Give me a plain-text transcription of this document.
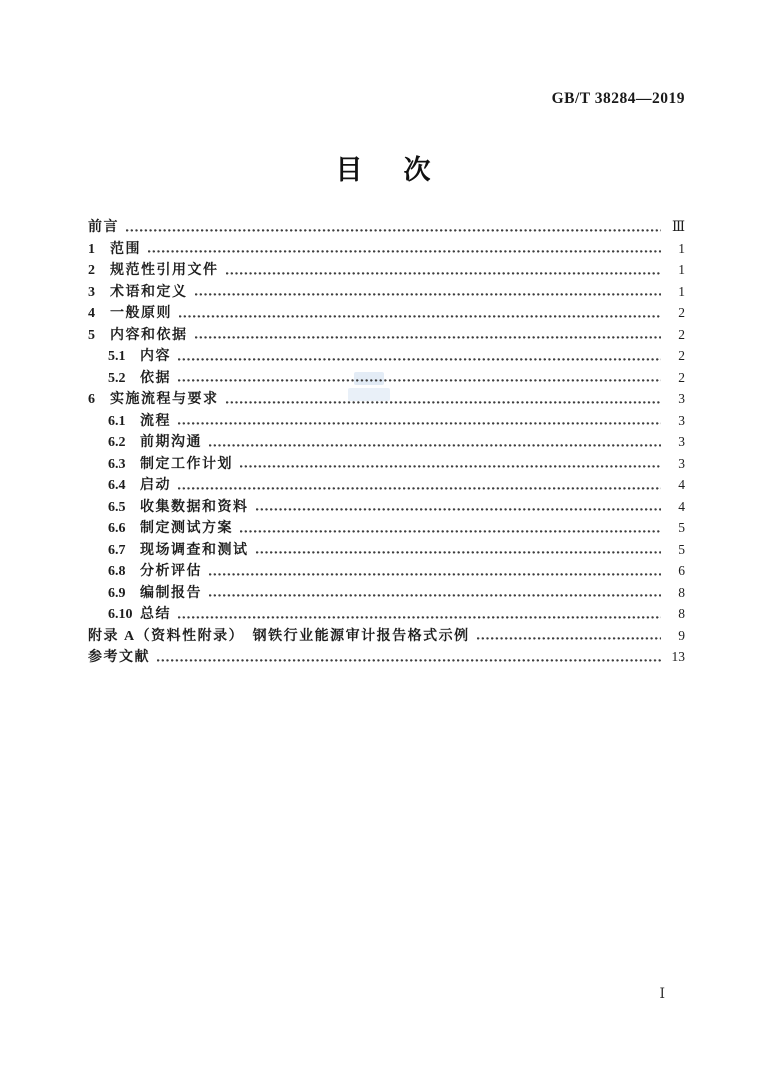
GB/T 38284—2019
目　次
前言	Ⅲ
1	范围	1
2	规范性引用文件	1
3	术语和定义	1
4	一般原则	2
5	内容和依据	2
5.1	内容	2
5.2	依据	2
6	实施流程与要求	3
6.1	流程	3
6.2	前期沟通	3
6.3	制定工作计划	3
6.4	启动	4
6.5	收集数据和资料	4
6.6	制定测试方案	5
6.7	现场调查和测试	5
6.8	分析评估	6
6.9	编制报告	8
6.10 总结	8
附录 A（资料性附录）　钢铁行业能源审计报告格式示例	9
参考文献	13
Ⅰ
